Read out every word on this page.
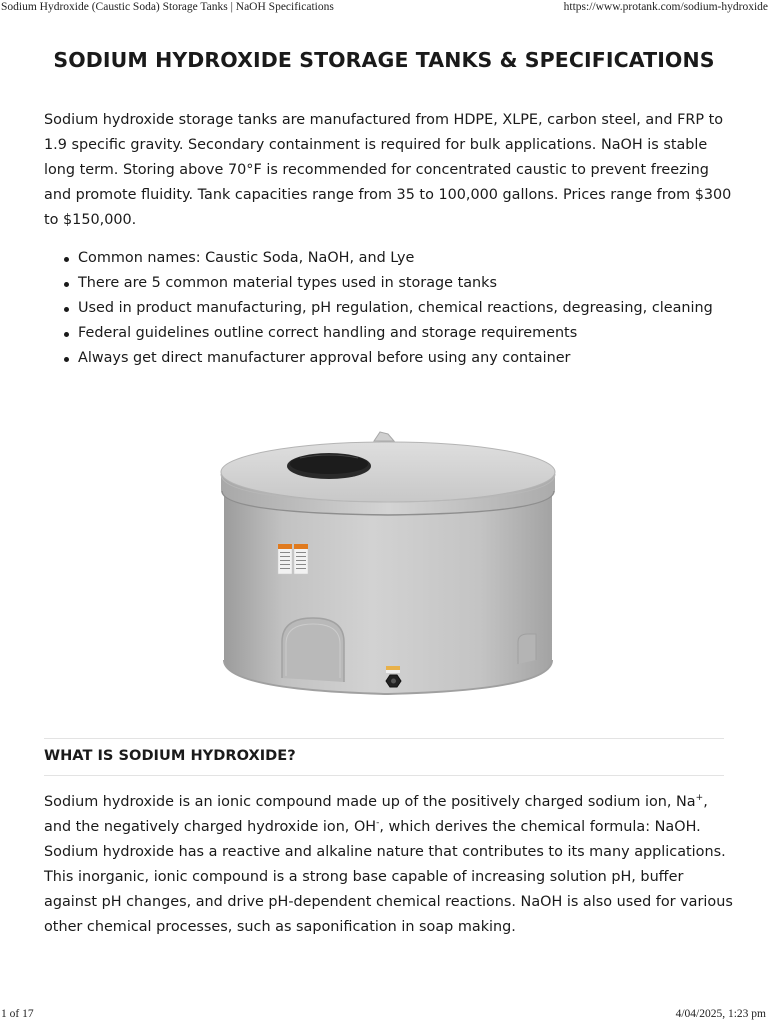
Sodium Hydroxide (Caustic Soda) Storage Tanks | NaOH Specifications	https://www.protank.com/sodium-hydroxide
SODIUM HYDROXIDE STORAGE TANKS & SPECIFICATIONS

Sodium hydroxide storage tanks are manufactured from HDPE, XLPE, carbon steel, and FRP to 1.9 specific gravity. Secondary containment is required for bulk applications. NaOH is stable long term. Storing above 70°F is recommended for concentrated caustic to prevent freezing and promote fluidity. Tank capacities range from 35 to 100,000 gallons. Prices range from $300 to $150,000.

Common names: Caustic Soda, NaOH, and Lye
There are 5 common material types used in storage tanks
Used in product manufacturing, pH regulation, chemical reactions, degreasing, cleaning
Federal guidelines outline correct handling and storage requirements
Always get direct manufacturer approval before using any container
WHAT IS SODIUM HYDROXIDE?

Sodium hydroxide is an ionic compound made up of the positively charged sodium ion, Na+, and the negatively charged hydroxide ion, OH-, which derives the chemical formula: NaOH. Sodium hydroxide has a reactive and alkaline nature that contributes to its many applications. This inorganic, ionic compound is a strong base capable of increasing solution pH, buffer against pH changes, and drive pH-dependent chemical reactions. NaOH is also used for various other chemical processes, such as saponification in soap making.

1 of 17	4/04/2025, 1:23 pm
